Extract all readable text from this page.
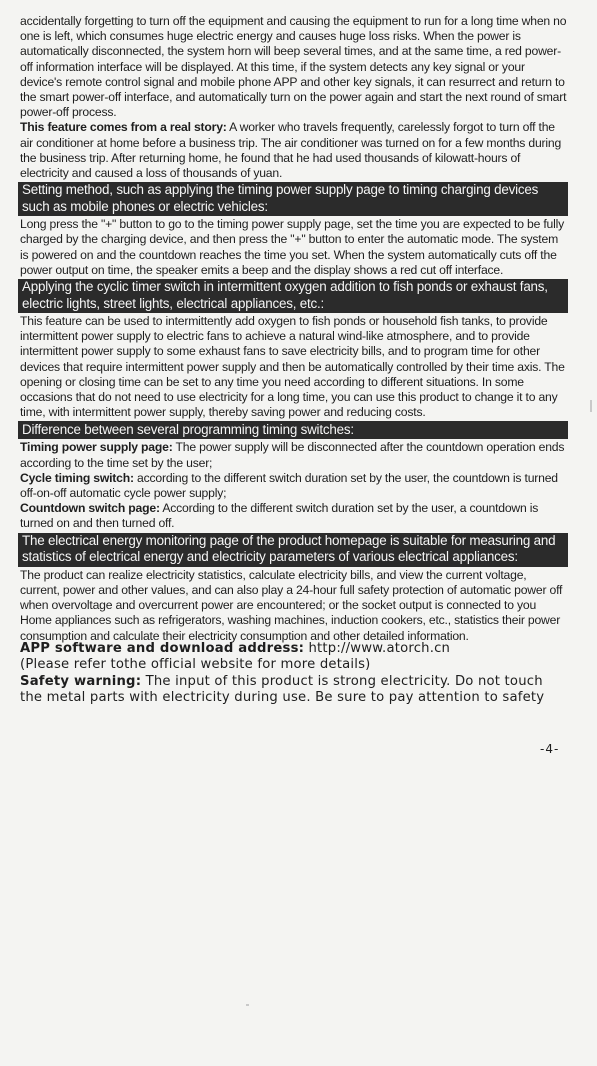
accidentally forgetting to turn off the equipment and causing the equipment to run for a long time when no one is left, which consumes huge electric energy and causes huge loss risks. When the power is automatically disconnected, the system horn will beep several times, and at the same time, a red power-off information interface will be displayed. At this time, if the system detects any key signal or your device's remote control signal and mobile phone APP and other key signals, it can resurrect and return to the smart power-off interface, and automatically turn on the power again and start the next round of smart power-off process.

This feature comes from a real story: A worker who travels frequently, carelessly forgot to turn off the air conditioner at home before a business trip. The air conditioner was turned on for a few months during the business trip. After returning home, he found that he had used thousands of kilowatt-hours of electricity and caused a loss of thousands of yuan.

Setting method, such as applying the timing power supply page to timing charging devices such as mobile phones or electric vehicles:

Long press the "+" button to go to the timing power supply page, set the time you are expected to be fully charged by the charging device, and then press the "+" button to enter the automatic mode. The system is powered on and the countdown reaches the time you set. When the system automatically cuts off the power output on time, the speaker emits a beep and the display shows a red cut off interface.

Applying the cyclic timer switch in intermittent oxygen addition to fish ponds or exhaust fans, electric lights, street lights, electrical appliances, etc.:

This feature can be used to intermittently add oxygen to fish ponds or household fish tanks, to provide intermittent power supply to electric fans to achieve a natural wind-like atmosphere, and to provide intermittent power supply to some exhaust fans to save electricity bills, and to program time for other devices that require intermittent power supply and then be automatically controlled by their time axis. The opening or closing time can be set to any time you need according to different situations. In some occasions that do not need to use electricity for a long time, you can use this product to change it to any time, with intermittent power supply, thereby saving power and reducing costs.

Difference between several programming timing switches:

Timing power supply page: The power supply will be disconnected after the countdown operation ends according to the time set by the user;

Cycle timing switch: according to the different switch duration set by the user, the countdown is turned off-on-off automatic cycle power supply;

Countdown switch page: According to the different switch duration set by the user, a countdown is turned on and then turned off.

The electrical energy monitoring page of the product homepage is suitable for measuring and statistics of electrical energy and electricity parameters of various electrical appliances:

The product can realize electricity statistics, calculate electricity bills, and view the current voltage, current, power and other values, and can also play a 24-hour full safety protection of automatic power off when overvoltage and overcurrent power are encountered; or the socket output is connected to you Home appliances such as refrigerators, washing machines, induction cookers, etc., statistics their power consumption and calculate their electricity consumption and other detailed information.

APP software and download address: http://www.atorch.cn

(Please refer tothe official website for more details)

Safety warning: The input of this product is strong electricity. Do not touch the metal parts with electricity during use. Be sure to pay attention to safety

-4-
